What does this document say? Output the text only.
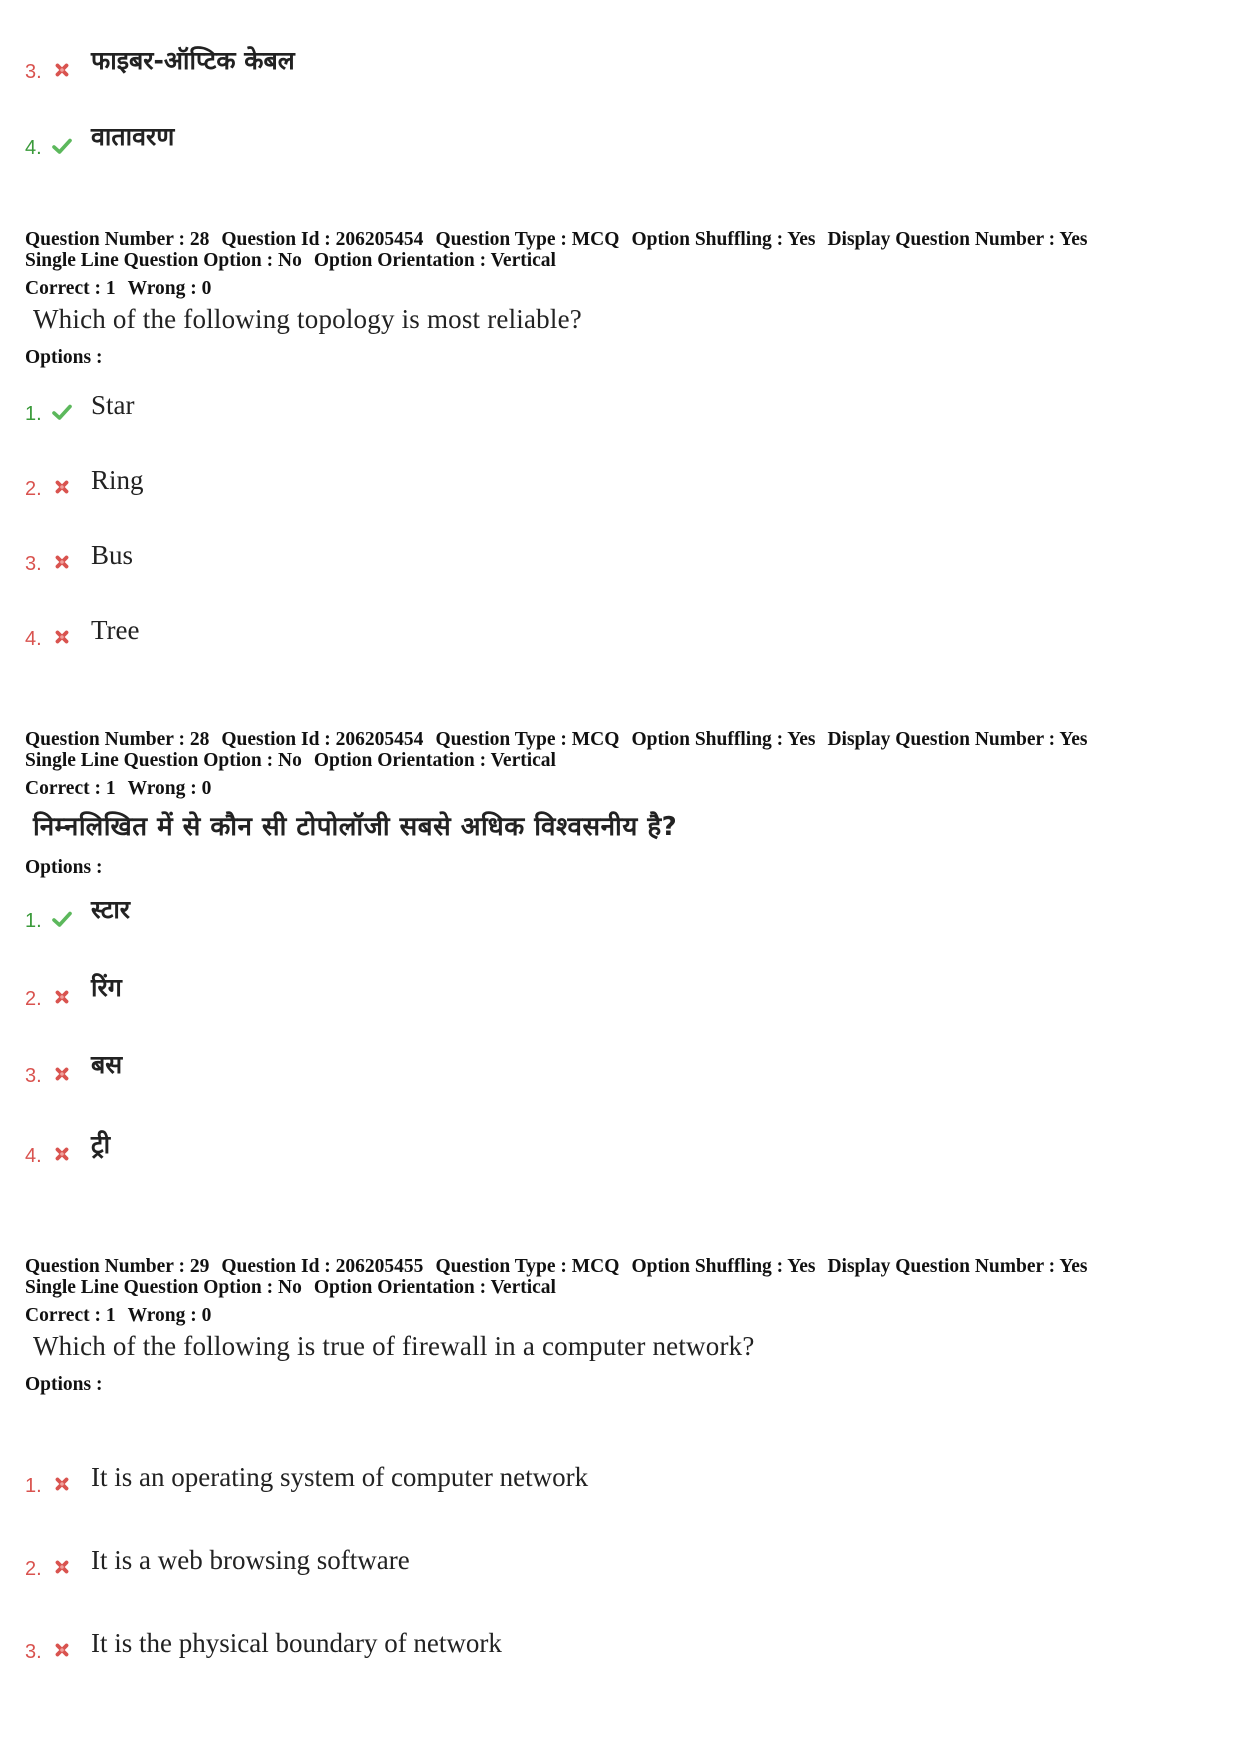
3. फाइबर-ऑप्टिक केबल
4. वातावरण
Question Number : 28 Question Id : 206205454 Question Type : MCQ Option Shuffling : Yes Display Question Number : Yes
Single Line Question Option : No Option Orientation : Vertical
Correct : 1 Wrong : 0
Which of the following topology is most reliable?
Options :
1. Star
2. Ring
3. Bus
4. Tree
Question Number : 28 Question Id : 206205454 Question Type : MCQ Option Shuffling : Yes Display Question Number : Yes
Single Line Question Option : No Option Orientation : Vertical
Correct : 1 Wrong : 0
निम्नलिखित में से कौन सी टोपोलॉजी सबसे अधिक विश्वसनीय है?
Options :
1. स्टार
2. रिंग
3. बस
4. ट्री
Question Number : 29 Question Id : 206205455 Question Type : MCQ Option Shuffling : Yes Display Question Number : Yes
Single Line Question Option : No Option Orientation : Vertical
Correct : 1 Wrong : 0
Which of the following is true of firewall in a computer network?
Options :
1. It is an operating system of computer network
2. It is a web browsing software
3. It is the physical boundary of network
